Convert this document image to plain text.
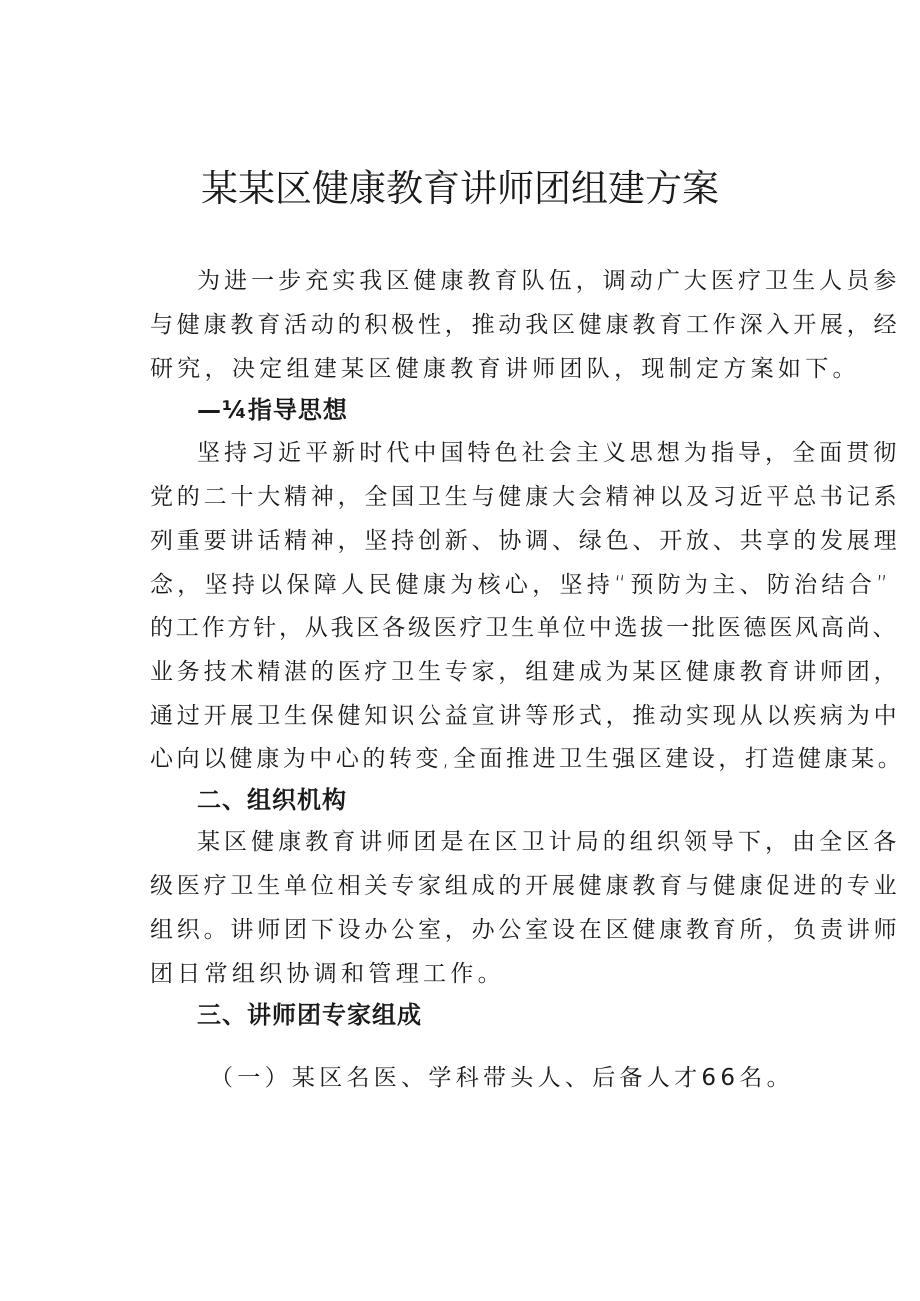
某某区健康教育讲师团组建方案
为进一步充实我区健康教育队伍，调动广大医疗卫生人员参
与健康教育活动的积极性，推动我区健康教育工作深入开展，经
研究，决定组建某区健康教育讲师团队，现制定方案如下。
—¼指导思想
坚持习近平新时代中国特色社会主义思想为指导，全面贯彻
党的二十大精神，全国卫生与健康大会精神以及习近平总书记系
列重要讲话精神，坚持创新、协调、绿色、开放、共享的发展理
念，坚持以保障人民健康为核心，坚持“预防为主、防治结合”
的工作方针，从我区各级医疗卫生单位中选拔一批医德医风高尚、
业务技术精湛的医疗卫生专家，组建成为某区健康教育讲师团，
通过开展卫生保健知识公益宣讲等形式，推动实现从以疾病为中
心向以健康为中心的转变,全面推进卫生强区建设，打造健康某。
二、组织机构
某区健康教育讲师团是在区卫计局的组织领导下，由全区各
级医疗卫生单位相关专家组成的开展健康教育与健康促进的专业
组织。讲师团下设办公室，办公室设在区健康教育所，负责讲师
团日常组织协调和管理工作。
三、讲师团专家组成
（一）某区名医、学科带头人、后备人才66名。
